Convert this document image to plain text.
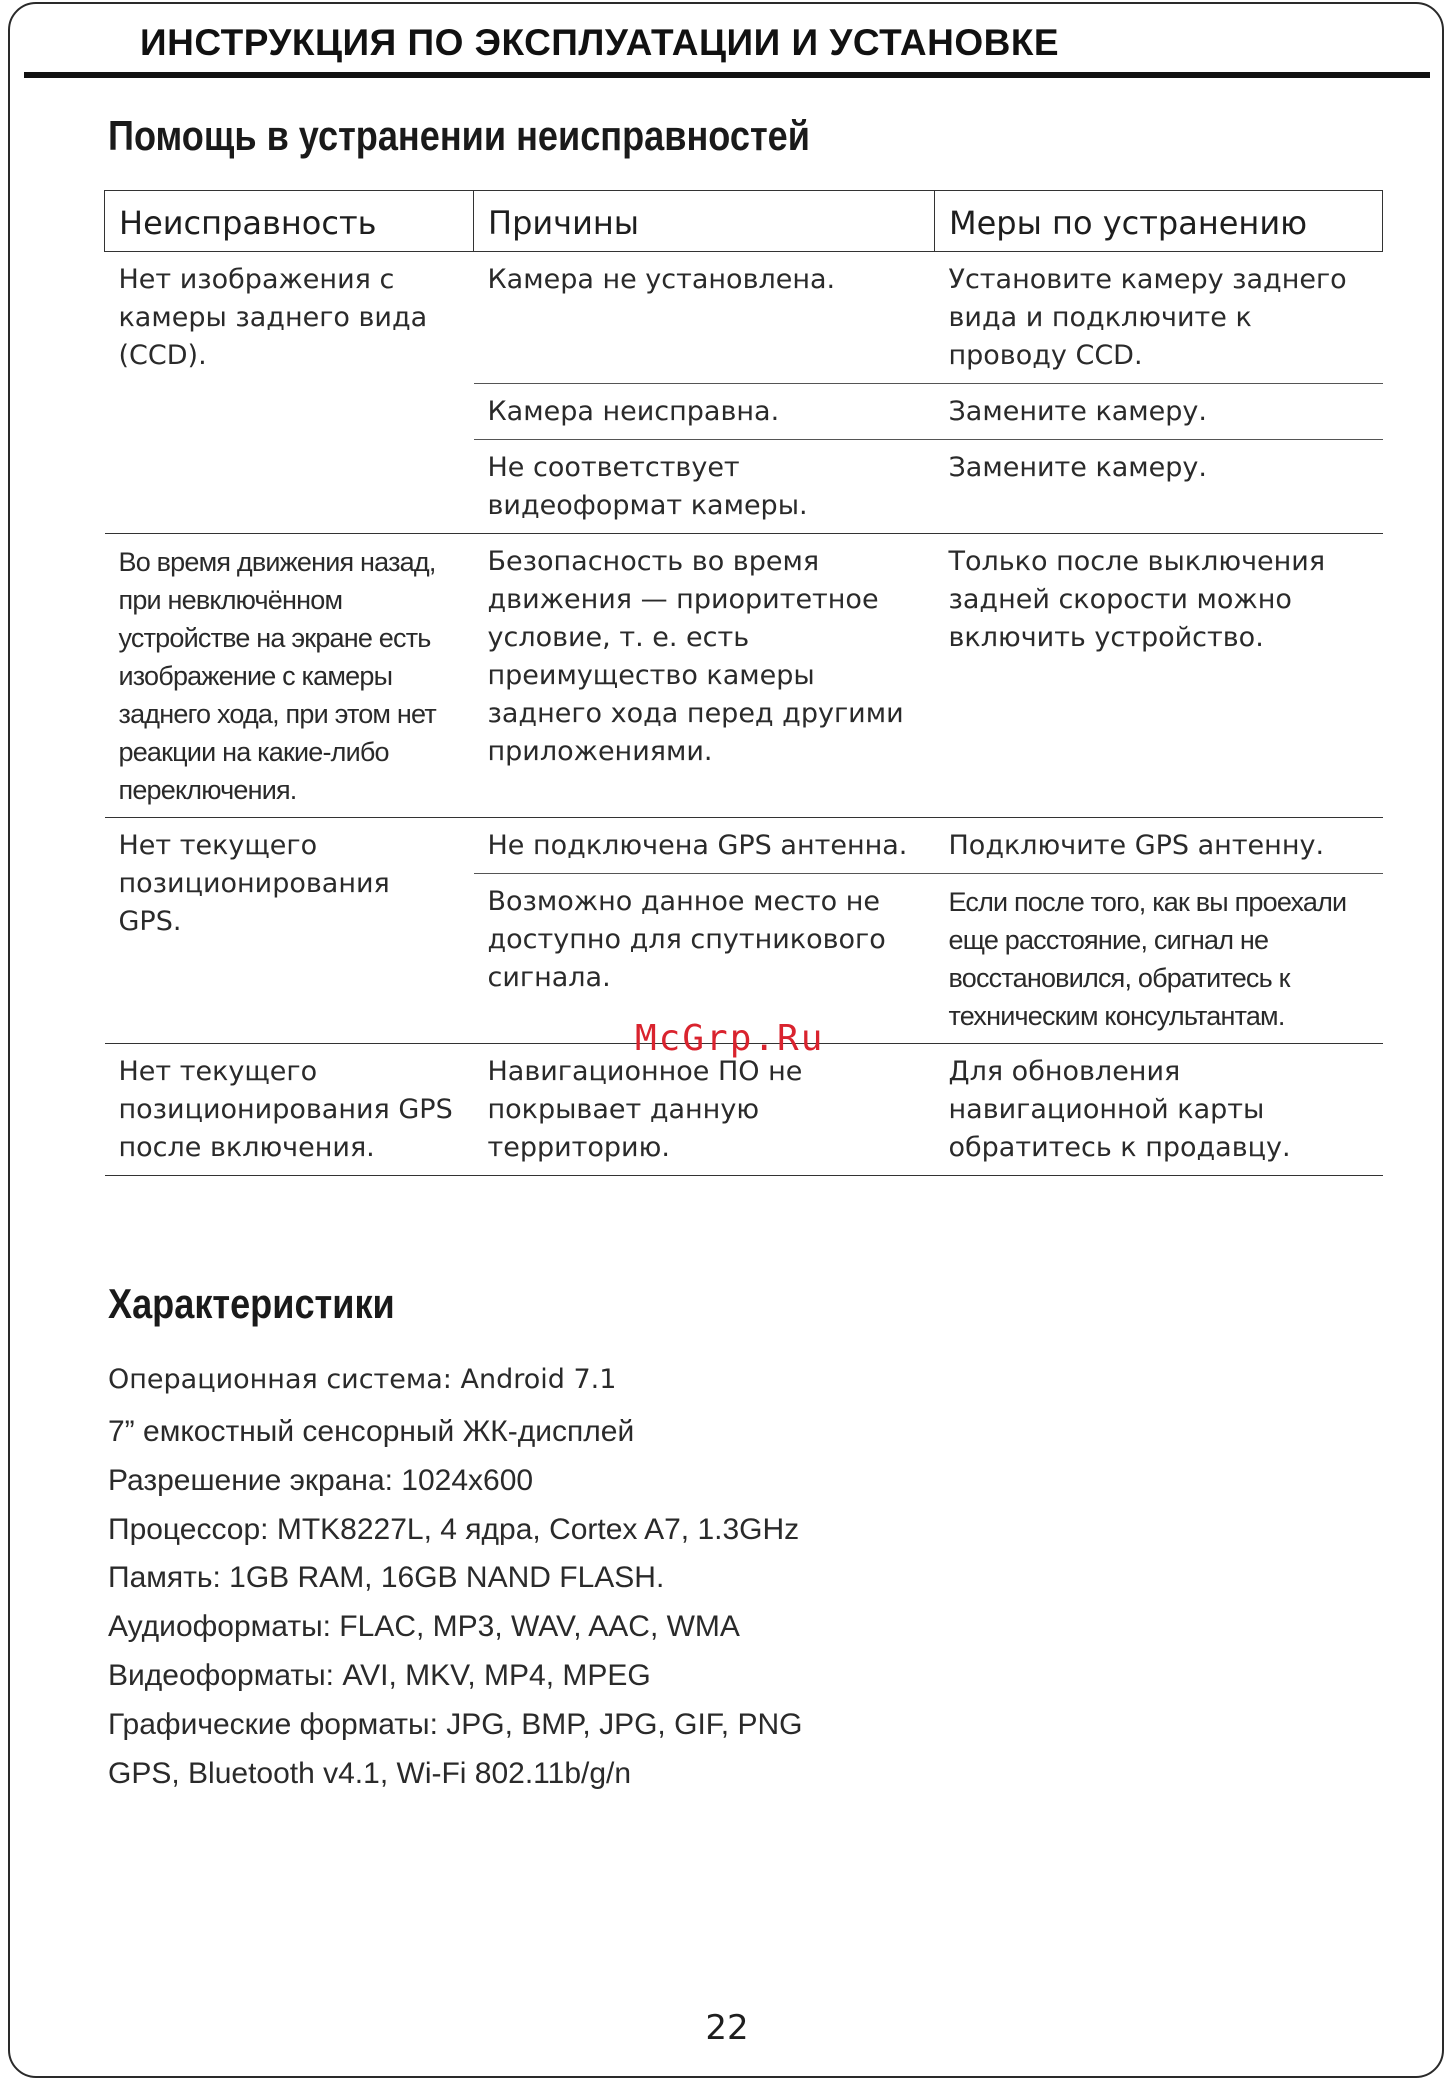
ИНСТРУКЦИЯ ПО ЭКСПЛУАТАЦИИ И УСТАНОВКЕ
Помощь в устранении неисправностей
Неисправность	Причины	Меры по устранению
Нет изображения с камеры заднего вида (CCD).	Камера не установлена.	Установите камеру заднего вида и подключите к проводу CCD.
	Камера неисправна.	Замените камеру.
	Не соответствует видеоформат камеры.	Замените камеру.
Во время движения назад, при невключённом устройстве на экране есть изображение с камеры заднего хода, при этом нет реакции на какие-либо переключения.	Безопасность во время движения — приоритетное условие, т. е. есть преимущество камеры заднего хода перед другими приложениями.	Только после выключения задней скорости можно включить устройство.
Нет текущего позиционирования GPS.	Не подключена GPS антенна.	Подключите GPS антенну.
	Возможно данное место не доступно для спутникового сигнала.	Если после того, как вы проехали еще расстояние, сигнал не восстановился, обратитесь к техническим консультантам.
Нет текущего позиционирования GPS после включения.	Навигационное ПО не покрывает данную территорию.	Для обновления навигационной карты обратитесь к продавцу.
McGrp.Ru
Характеристики
Операционная система: Android 7.1
7” емкостный сенсорный ЖК-дисплей
Разрешение экрана: 1024x600
Процессор: MTK8227L, 4 ядра, Cortex A7, 1.3GHz
Память: 1GB RAM, 16GB NAND FLASH.
Аудиоформаты: FLAC, MP3, WAV, AAC, WMA
Видеоформаты: AVI, MKV, MP4, MPEG
Графические форматы: JPG, BMP, JPG, GIF, PNG
GPS, Bluetooth v4.1, Wi-Fi 802.11b/g/n
22
